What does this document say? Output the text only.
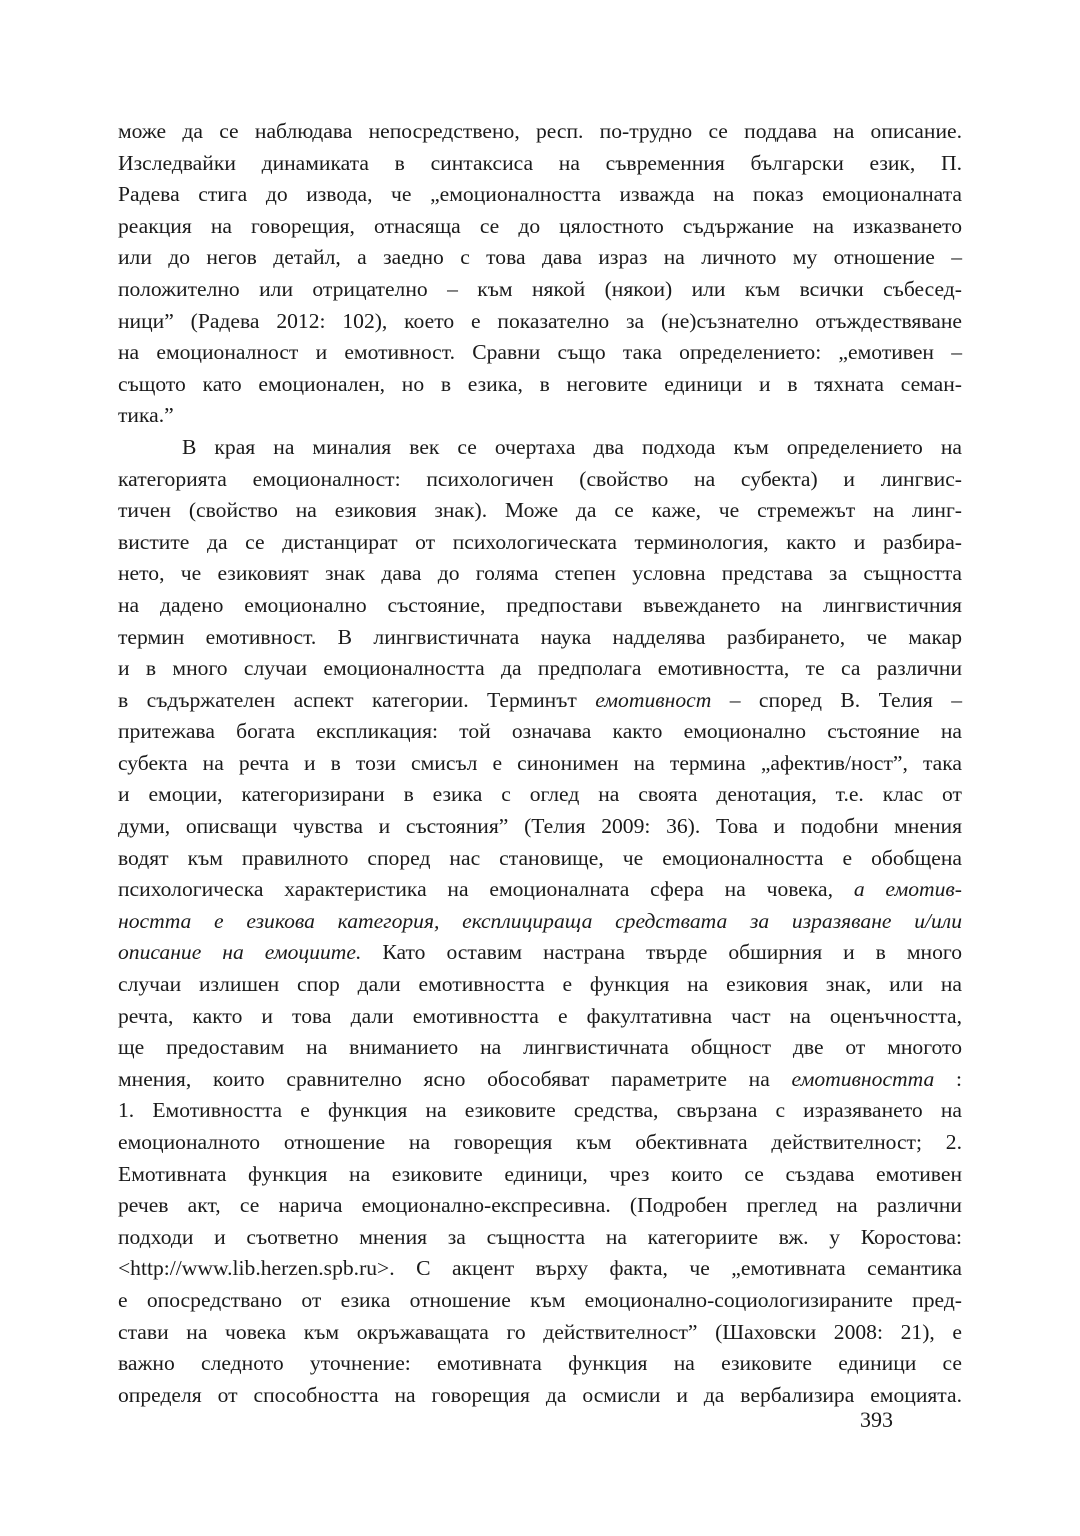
може да се наблюдава непосредствено, респ. по-трудно се поддава на описание.
Изследвайки динамиката в синтаксиса на съвременния български език, П.
Радева стига до извода, че „емоционалността изважда на показ емоционалната
реакция на говорещия, отнасяща се до цялостното съдържание на изказването
или до негов детайл, а заедно с това дава израз на личното му отношение –
положително или отрицателно – към някой (някои) или към всички събесед-
ници” (Радева 2012: 102), което е показателно за (не)съзнателно отъждествяване
на емоционалност и емотивност. Сравни също така определението: „емотивен –
същото като емоционален, но в езика, в неговите единици и в тяхната семан-
тика.”
В края на миналия век се очертаха два подхода към определението на
категорията емоционалност: психологичен (свойство на субекта) и лингвис-
тичен (свойство на езиковия знак). Може да се каже, че стремежът на линг-
вистите да се дистанцират от психологическата терминология, както и разбира-
нето, че езиковият знак дава до голяма степен условна представа за същността
на дадено емоционално състояние, предпостави въвеждането на лингвистичния
термин емотивност. В лингвистичната наука надделява разбирането, че макар
и в много случаи емоционалността да предполага емотивността, те са различни
в съдържателен аспект категории. Терминът емотивност – според В. Телия –
притежава богата експликация: той означава както емоционално състояние на
субекта на речта и в този смисъл е синонимен на термина „афектив/ност”, така
и емоции, категоризирани в езика с оглед на своята денотация, т.е. клас от
думи, описващи чувства и състояния” (Телия 2009: 36). Това и подобни мнения
водят към правилното според нас становище, че емоционалността е обобщена
психологическа характеристика на емоционалната сфера на човека, а емотив-
ността е езикова категория, експлицираща средствата за изразяване и/или
описание на емоциите. Като оставим настрана твърде обширния и в много
случаи излишен спор дали емотивността е функция на езиковия знак, или на
речта, както и това дали емотивността е факултативна част на оценъчността,
ще предоставим на вниманието на лингвистичната общност две от многото
мнения, които сравнително ясно обособяват параметрите на емотивността :
1. Емотивността е функция на езиковите средства, свързана с изразяването на
емоционалното отношение на говорещия към обективната действителност; 2.
Емотивната функция на езиковите единици, чрез които се създава емотивен
речев акт, се нарича емоционално-експресивна. (Подробен преглед на различни
подходи и съответно мнения за същността на категориите вж. у Коростова:
<http://www.lib.herzen.spb.ru>. С акцент върху факта, че „емотивната семантика
е опосредствано от езика отношение към емоционално-социологизираните пред-
стави на човека към окръжаващата го действителност” (Шаховски 2008: 21), е
важно следното уточнение: емотивната функция на езиковите единици се
определя от способността на говорещия да осмисли и да вербализира емоцията.
393
